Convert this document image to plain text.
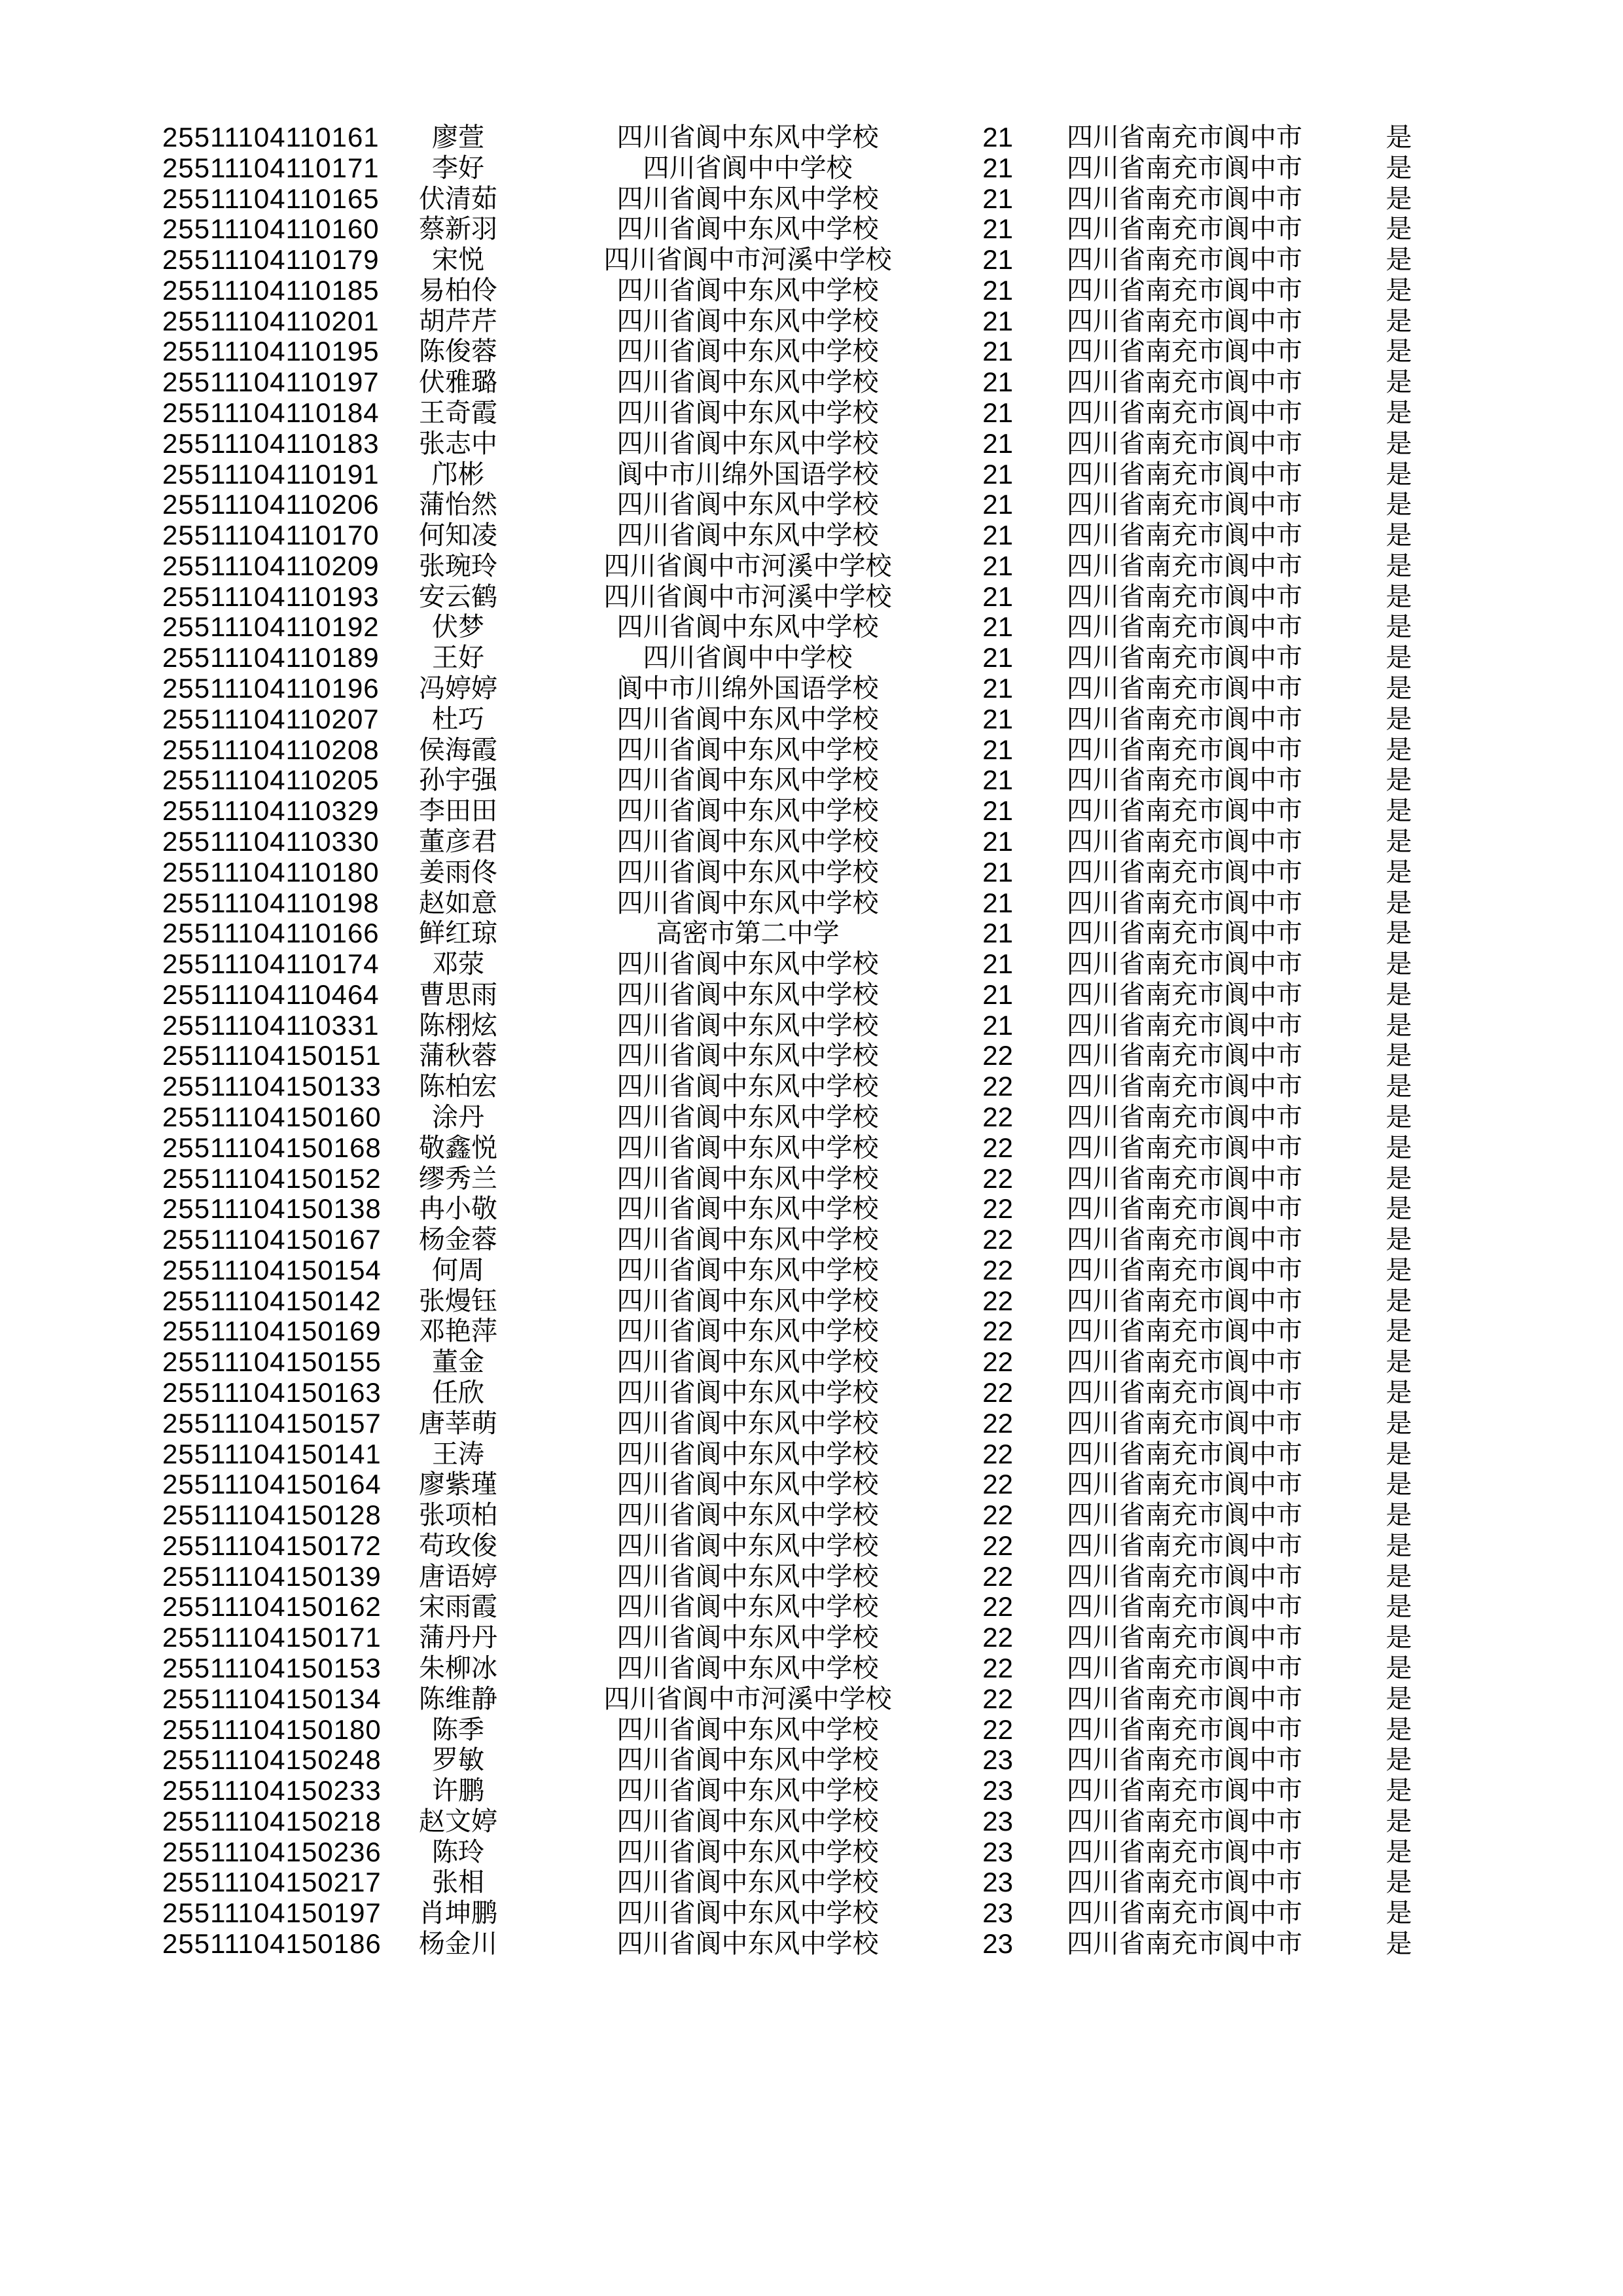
25511104110161	廖萱	四川省阆中东风中学校	21 四川省南充市阆中市	是
25511104110171	李好	四川省阆中中学校	21 四川省南充市阆中市	是
25511104110165	伏清茹	四川省阆中东风中学校	21 四川省南充市阆中市	是
25511104110160	蔡新羽	四川省阆中东风中学校	21 四川省南充市阆中市	是
25511104110179	宋悦	四川省阆中市河溪中学校	21 四川省南充市阆中市	是
25511104110185	易柏伶	四川省阆中东风中学校	21 四川省南充市阆中市	是
25511104110201	胡芹芹	四川省阆中东风中学校	21 四川省南充市阆中市	是
25511104110195	陈俊蓉	四川省阆中东风中学校	21 四川省南充市阆中市	是
25511104110197	伏雅璐	四川省阆中东风中学校	21 四川省南充市阆中市	是
25511104110184	王奇霞	四川省阆中东风中学校	21 四川省南充市阆中市	是
25511104110183	张志中	四川省阆中东风中学校	21 四川省南充市阆中市	是
25511104110191	邝彬	阆中市川绵外国语学校	21 四川省南充市阆中市	是
25511104110206	蒲怡然	四川省阆中东风中学校	21 四川省南充市阆中市	是
25511104110170	何知凌	四川省阆中东风中学校	21 四川省南充市阆中市	是
25511104110209	张琬玲	四川省阆中市河溪中学校	21 四川省南充市阆中市	是
25511104110193	安云鹤	四川省阆中市河溪中学校	21 四川省南充市阆中市	是
25511104110192	伏梦	四川省阆中东风中学校	21 四川省南充市阆中市	是
25511104110189	王好	四川省阆中中学校	21 四川省南充市阆中市	是
25511104110196	冯婷婷	阆中市川绵外国语学校	21 四川省南充市阆中市	是
25511104110207	杜巧	四川省阆中东风中学校	21 四川省南充市阆中市	是
25511104110208	侯海霞	四川省阆中东风中学校	21 四川省南充市阆中市	是
25511104110205	孙宇强	四川省阆中东风中学校	21 四川省南充市阆中市	是
25511104110329	李田田	四川省阆中东风中学校	21 四川省南充市阆中市	是
25511104110330	董彦君	四川省阆中东风中学校	21 四川省南充市阆中市	是
25511104110180	姜雨佟	四川省阆中东风中学校	21 四川省南充市阆中市	是
25511104110198	赵如意	四川省阆中东风中学校	21 四川省南充市阆中市	是
25511104110166	鲜红琼	高密市第二中学	21 四川省南充市阆中市	是
25511104110174	邓荥	四川省阆中东风中学校	21 四川省南充市阆中市	是
25511104110464	曹思雨	四川省阆中东风中学校	21 四川省南充市阆中市	是
25511104110331	陈栩炫	四川省阆中东风中学校	21 四川省南充市阆中市	是
25511104150151	蒲秋蓉	四川省阆中东风中学校	22 四川省南充市阆中市	是
25511104150133	陈柏宏	四川省阆中东风中学校	22 四川省南充市阆中市	是
25511104150160	涂丹	四川省阆中东风中学校	22 四川省南充市阆中市	是
25511104150168	敬鑫悦	四川省阆中东风中学校	22 四川省南充市阆中市	是
25511104150152	缪秀兰	四川省阆中东风中学校	22 四川省南充市阆中市	是
25511104150138	冉小敬	四川省阆中东风中学校	22 四川省南充市阆中市	是
25511104150167	杨金蓉	四川省阆中东风中学校	22 四川省南充市阆中市	是
25511104150154	何周	四川省阆中东风中学校	22 四川省南充市阆中市	是
25511104150142	张熳钰	四川省阆中东风中学校	22 四川省南充市阆中市	是
25511104150169	邓艳萍	四川省阆中东风中学校	22 四川省南充市阆中市	是
25511104150155	董金	四川省阆中东风中学校	22 四川省南充市阆中市	是
25511104150163	任欣	四川省阆中东风中学校	22 四川省南充市阆中市	是
25511104150157	唐莘萌	四川省阆中东风中学校	22 四川省南充市阆中市	是
25511104150141	王涛	四川省阆中东风中学校	22 四川省南充市阆中市	是
25511104150164	廖紫瑾	四川省阆中东风中学校	22 四川省南充市阆中市	是
25511104150128	张项柏	四川省阆中东风中学校	22 四川省南充市阆中市	是
25511104150172	苟玫俊	四川省阆中东风中学校	22 四川省南充市阆中市	是
25511104150139	唐语婷	四川省阆中东风中学校	22 四川省南充市阆中市	是
25511104150162	宋雨霞	四川省阆中东风中学校	22 四川省南充市阆中市	是
25511104150171	蒲丹丹	四川省阆中东风中学校	22 四川省南充市阆中市	是
25511104150153	朱柳冰	四川省阆中东风中学校	22 四川省南充市阆中市	是
25511104150134	陈维静	四川省阆中市河溪中学校	22 四川省南充市阆中市	是
25511104150180	陈季	四川省阆中东风中学校	22 四川省南充市阆中市	是
25511104150248	罗敏	四川省阆中东风中学校	23 四川省南充市阆中市	是
25511104150233	许鹏	四川省阆中东风中学校	23 四川省南充市阆中市	是
25511104150218	赵文婷	四川省阆中东风中学校	23 四川省南充市阆中市	是
25511104150236	陈玲	四川省阆中东风中学校	23 四川省南充市阆中市	是
25511104150217	张相	四川省阆中东风中学校	23 四川省南充市阆中市	是
25511104150197	肖坤鹏	四川省阆中东风中学校	23 四川省南充市阆中市	是
25511104150186	杨金川	四川省阆中东风中学校	23 四川省南充市阆中市	是
